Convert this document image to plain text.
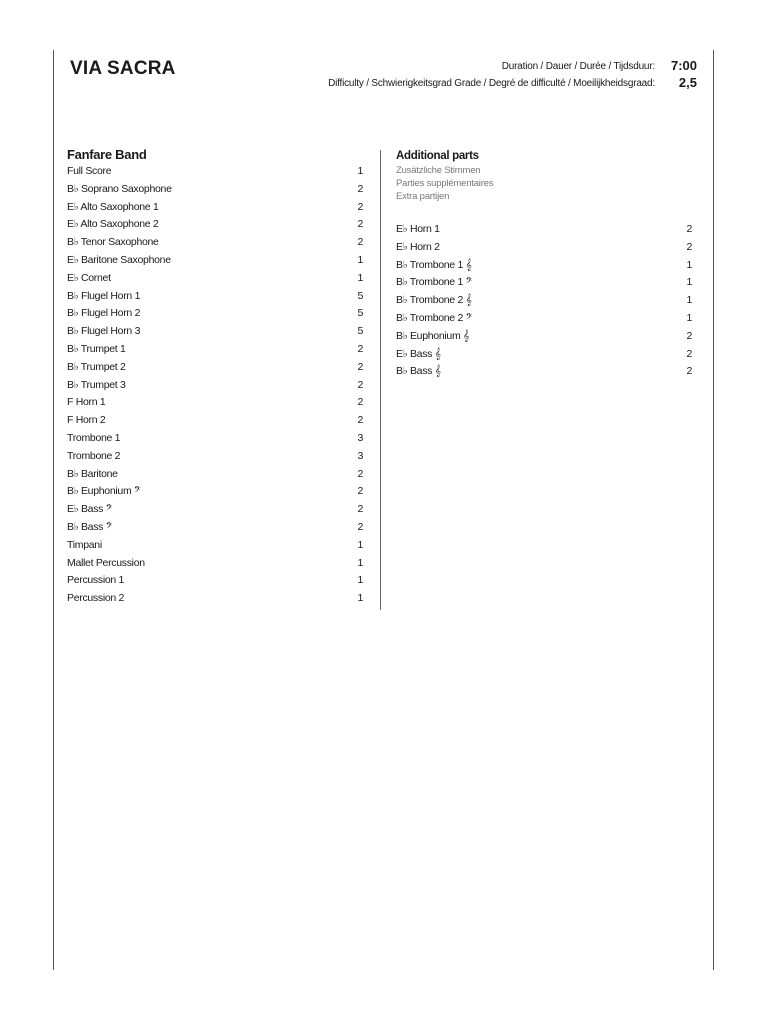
VIA SACRA	Duration / Dauer / Durée / Tijdsduur: 7:00
Difficulty / Schwierigkeitsgrad Grade / Degré de difficulté / Moeilijkheidsgraad: 2,5
Fanfare Band
Full Score	1
B♭ Soprano Saxophone	2
E♭ Alto Saxophone 1	2
E♭ Alto Saxophone 2	2
B♭ Tenor Saxophone	2
E♭ Baritone Saxophone	1
E♭ Cornet	1
B♭ Flugel Horn 1	5
B♭ Flugel Horn 2	5
B♭ Flugel Horn 3	5
B♭ Trumpet 1	2
B♭ Trumpet 2	2
B♭ Trumpet 3	2
F Horn 1	2
F Horn 2	2
Trombone 1	3
Trombone 2	3
B♭ Baritone	2
B♭ Euphonium 𝄢	2
E♭ Bass 𝄢	2
B♭ Bass 𝄢	2
Timpani	1
Mallet Percussion	1
Percussion 1	1
Percussion 2	1
Additional parts
Zusätzliche Stimmen
Parties supplémentaires
Extra partijen
E♭ Horn 1	2
E♭ Horn 2	2
B♭ Trombone 1 𝄞	1
B♭ Trombone 1 𝄢	1
B♭ Trombone 2 𝄞	1
B♭ Trombone 2 𝄢	1
B♭ Euphonium 𝄞	2
E♭ Bass 𝄞	2
B♭ Bass 𝄞	2
